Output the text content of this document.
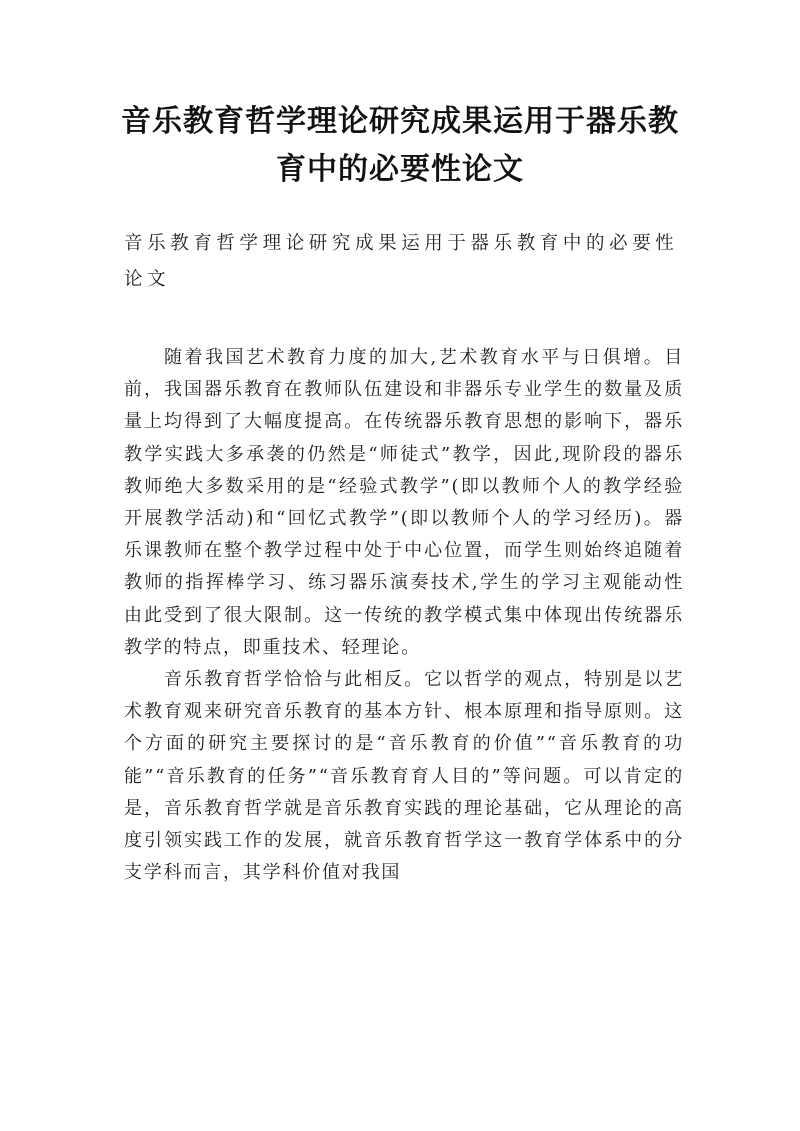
音乐教育哲学理论研究成果运用于器乐教育中的必要性论文

音乐教育哲学理论研究成果运用于器乐教育中的必要性论文

随着我国艺术教育力度的加大,艺术教育水平与日俱增。目前，我国器乐教育在教师队伍建设和非器乐专业学生的数量及质量上均得到了大幅度提高。在传统器乐教育思想的影响下，器乐教学实践大多承袭的仍然是“师徒式”教学，因此,现阶段的器乐教师绝大多数采用的是“经验式教学”(即以教师个人的教学经验开展教学活动)和“回忆式教学”(即以教师个人的学习经历)。器乐课教师在整个教学过程中处于中心位置，而学生则始终追随着教师的指挥棒学习、练习器乐演奏技术,学生的学习主观能动性由此受到了很大限制。这一传统的教学模式集中体现出传统器乐教学的特点，即重技术、轻理论。

音乐教育哲学恰恰与此相反。它以哲学的观点，特别是以艺术教育观来研究音乐教育的基本方针、根本原理和指导原则。这个方面的研究主要探讨的是“音乐教育的价值”“音乐教育的功能”“音乐教育的任务”“音乐教育育人目的”等问题。可以肯定的是，音乐教育哲学就是音乐教育实践的理论基础，它从理论的高度引领实践工作的发展，就音乐教育哲学这一教育学体系中的分支学科而言，其学科价值对我国
